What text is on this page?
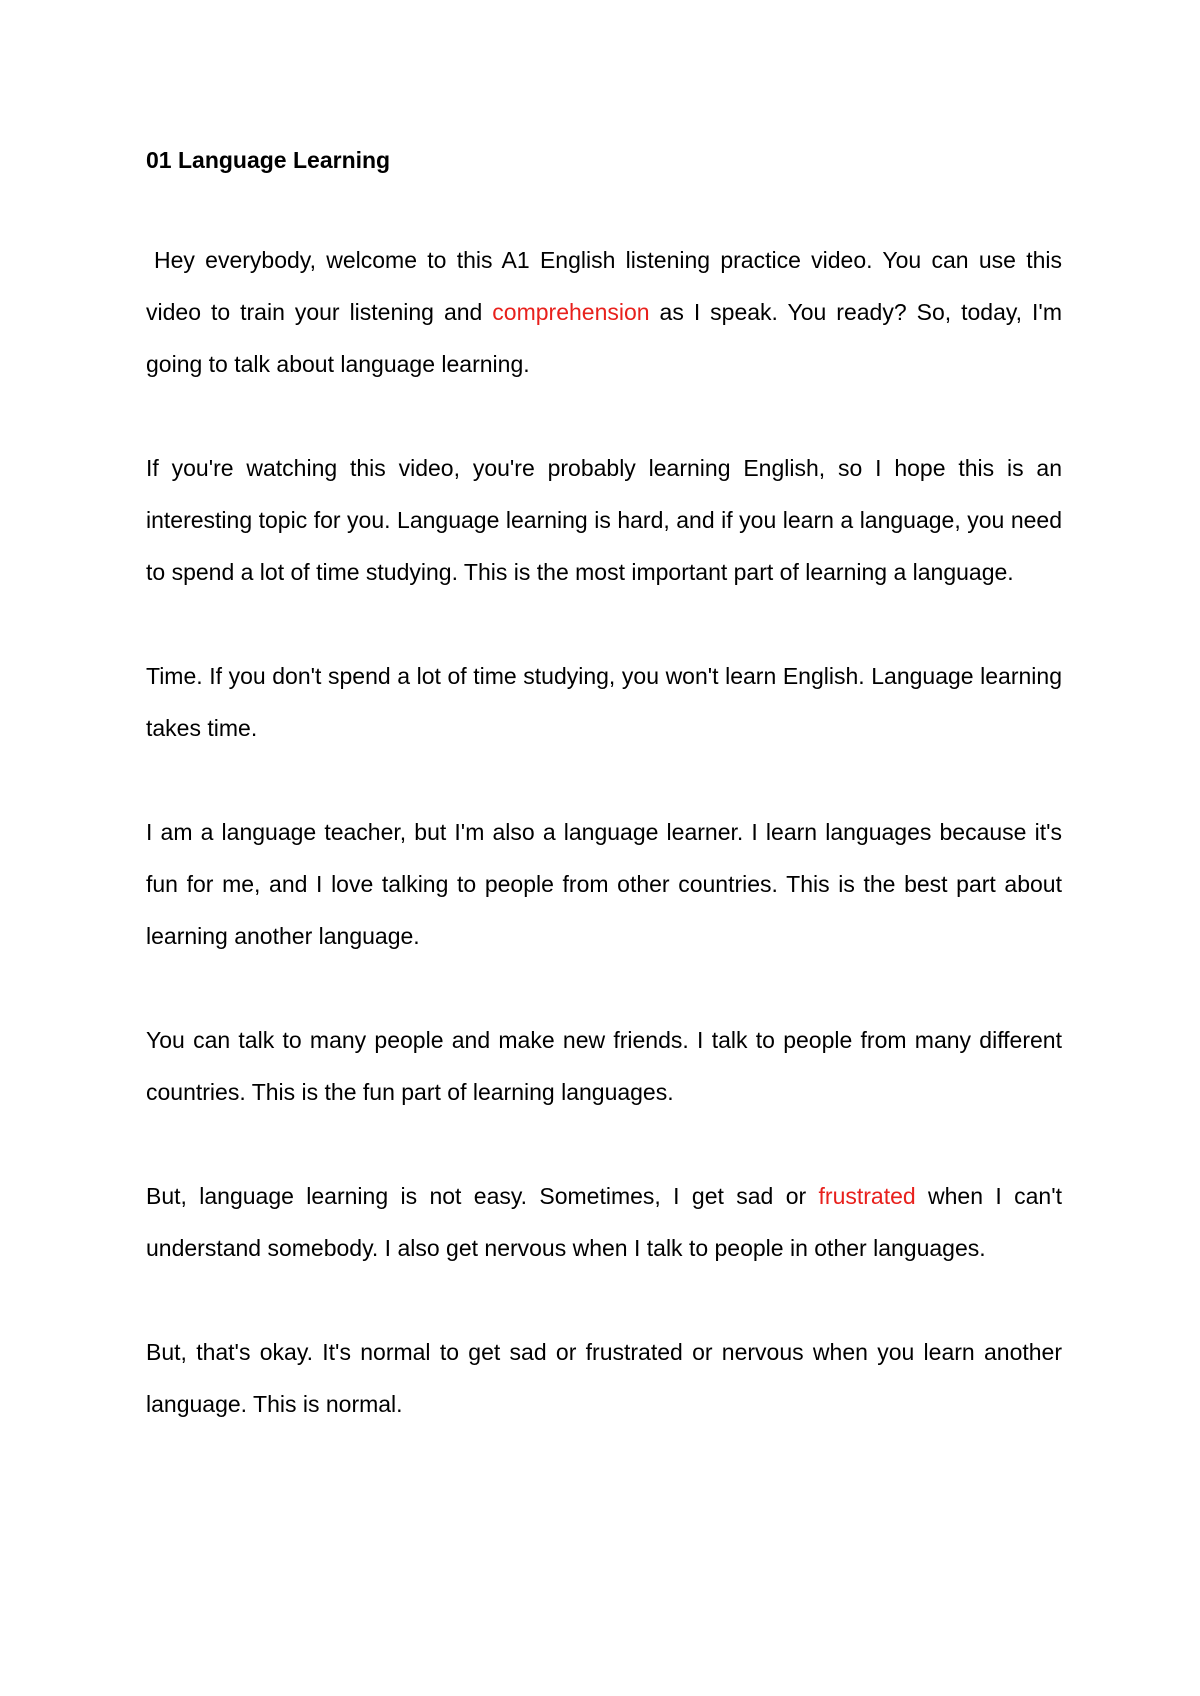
01 Language Learning

Hey everybody, welcome to this A1 English listening practice video. You can use this video to train your listening and comprehension as I speak. You ready? So, today, I'm going to talk about language learning.

If you're watching this video, you're probably learning English, so I hope this is an interesting topic for you. Language learning is hard, and if you learn a language, you need to spend a lot of time studying. This is the most important part of learning a language.

Time. If you don't spend a lot of time studying, you won't learn English. Language learning takes time.

I am a language teacher, but I'm also a language learner. I learn languages because it's fun for me, and I love talking to people from other countries. This is the best part about learning another language.

You can talk to many people and make new friends. I talk to people from many different countries. This is the fun part of learning languages.

But, language learning is not easy. Sometimes, I get sad or frustrated when I can't understand somebody. I also get nervous when I talk to people in other languages.

But, that's okay. It's normal to get sad or frustrated or nervous when you learn another language. This is normal.
